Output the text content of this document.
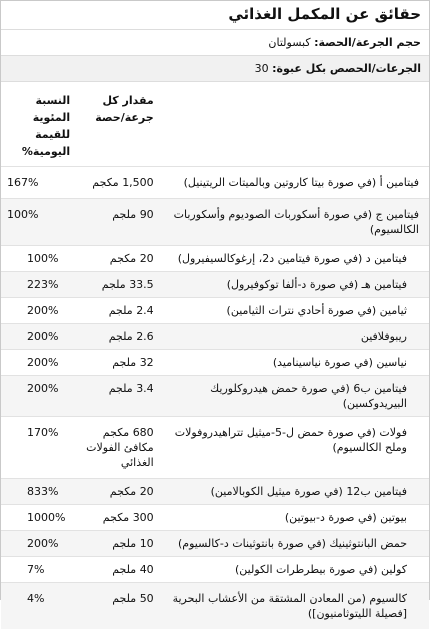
حقائق عن المكمل الغذائي
حجم الجرعة/الحصة: كبسولتان
الجرعات/الحصص بكل عبوة: 30
	مقدار كل جرعة/حصة	النسبة المئوية للقيمة اليومية%
فيتامين أ (في صورة بيتا كاروتين وبالميتات الريتينيل)	1,500 مكجم	167%
فيتامين ج (في صورة أسكوربات الصوديوم وأسكوربات الكالسيوم)	90 ملجم	100%
فيتامين د (في صورة فيتامين د2، إرغوكالسيفيرول)	20 مكجم	100%
فيتامين هـ (في صورة د-ألفا توكوفيرول)	33.5 ملجم	223%
ثيامين (في صورة أحادي نترات الثيامين)	2.4 ملجم	200%
ريبوفلافين	2.6 ملجم	200%
نياسين (في صورة نياسيناميد)	32 ملجم	200%
فيتامين ب6 (في صورة حمض هيدروكلوريك البيريدوكسين)	3.4 ملجم	200%
فولات (في صورة حمض ل-5-ميثيل تتراهيدروفولات وملح الكالسيوم)	680 مكجم مكافئ الفولات الغذائي	170%
فيتامين ب12 (في صورة ميثيل الكوبالامين)	20 مكجم	833%
بيوتين (في صورة د-بيوتين)	300 مكجم	1000%
حمض البانتوثينيك (في صورة بانتوثينات د-كالسيوم)	10 ملجم	200%
كولين (في صورة بيطرطرات الكولين)	40 ملجم	7%
كالسيوم (من المعادن المشتقة من الأعشاب البحرية [فصيلة الليتوثامنيون])	50 ملجم	4%
